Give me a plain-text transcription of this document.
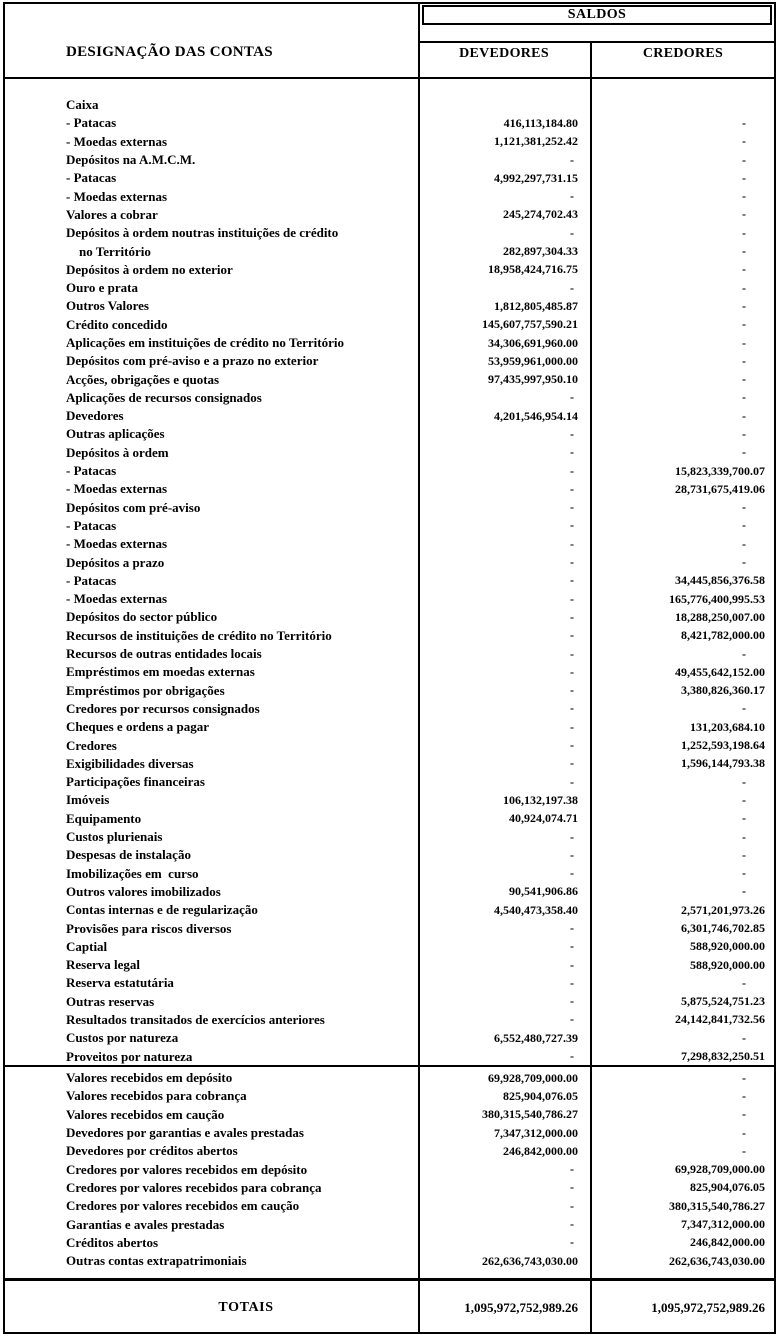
DESIGNAÇÃO DAS CONTAS
SALDOS
DEVEDORES	CREDORES
Caixa
- Patacas	416,113,184.80	-
- Moedas externas	1,121,381,252.42	-
Depósitos na A.M.C.M.	-	-
- Patacas	4,992,297,731.15	-
- Moedas externas	-	-
Valores a cobrar	245,274,702.43	-
Depósitos à ordem noutras instituições de crédito	-	-
no Território	282,897,304.33	-
Depósitos à ordem no exterior	18,958,424,716.75	-
Ouro e prata	-	-
Outros Valores	1,812,805,485.87	-
Crédito concedido	145,607,757,590.21	-
Aplicações em instituições de crédito no Território	34,306,691,960.00	-
Depósitos com pré-aviso e a prazo no exterior	53,959,961,000.00	-
Acções, obrigações e quotas	97,435,997,950.10	-
Aplicações de recursos consignados	-	-
Devedores	4,201,546,954.14	-
Outras aplicações	-	-
Depósitos à ordem	-	-
- Patacas	-	15,823,339,700.07
- Moedas externas	-	28,731,675,419.06
Depósitos com pré-aviso	-	-
- Patacas	-	-
- Moedas externas	-	-
Depósitos a prazo	-	-
- Patacas	-	34,445,856,376.58
- Moedas externas	-	165,776,400,995.53
Depósitos do sector público	-	18,288,250,007.00
Recursos de instituições de crédito no Território	-	8,421,782,000.00
Recursos de outras entidades locais	-	-
Empréstimos em moedas externas	-	49,455,642,152.00
Empréstimos por obrigações	-	3,380,826,360.17
Credores por recursos consignados	-	-
Cheques e ordens a pagar	-	131,203,684.10
Credores	-	1,252,593,198.64
Exigibilidades diversas	-	1,596,144,793.38
Participações financeiras	-	-
Imóveis	106,132,197.38	-
Equipamento	40,924,074.71	-
Custos plurienais	-	-
Despesas de instalação	-	-
Imobilizações em  curso	-	-
Outros valores imobilizados	90,541,906.86	-
Contas internas e de regularização	4,540,473,358.40	2,571,201,973.26
Provisões para riscos diversos	-	6,301,746,702.85
Captial	-	588,920,000.00
Reserva legal	-	588,920,000.00
Reserva estatutária	-	-
Outras reservas	-	5,875,524,751.23
Resultados transitados de exercícios anteriores	-	24,142,841,732.56
Custos por natureza	6,552,480,727.39	-
Proveitos por natureza	-	7,298,832,250.51
Valores recebidos em depósito	69,928,709,000.00	-
Valores recebidos para cobrança	825,904,076.05	-
Valores recebidos em caução	380,315,540,786.27	-
Devedores por garantias e avales prestadas	7,347,312,000.00	-
Devedores por créditos abertos	246,842,000.00	-
Credores por valores recebidos em depósito	-	69,928,709,000.00
Credores por valores recebidos para cobrança	-	825,904,076.05
Credores por valores recebidos em caução	-	380,315,540,786.27
Garantias e avales prestadas	-	7,347,312,000.00
Créditos abertos	-	246,842,000.00
Outras contas extrapatrimoniais	262,636,743,030.00	262,636,743,030.00
TOTAIS	1,095,972,752,989.26	1,095,972,752,989.26
